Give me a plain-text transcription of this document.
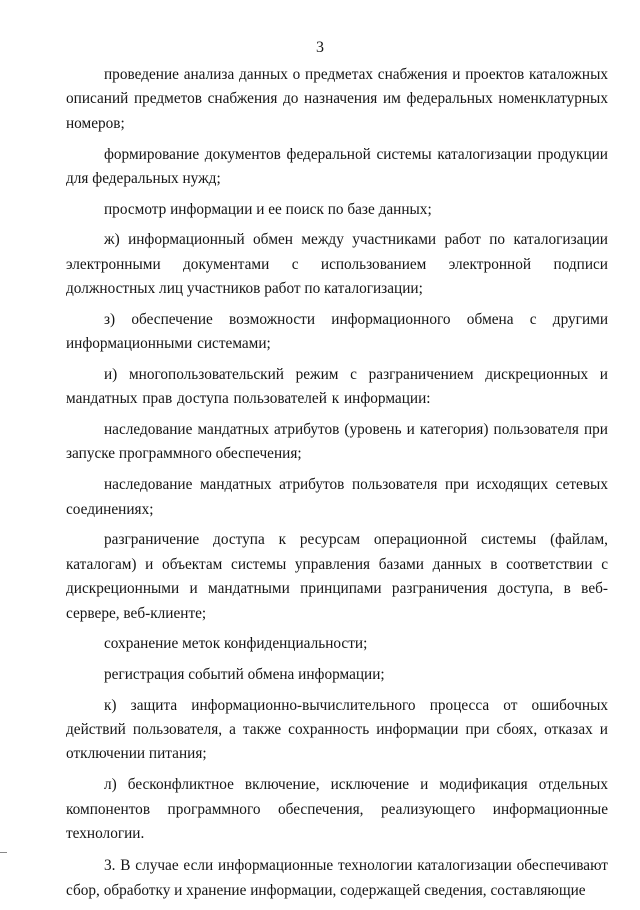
3

проведение анализа данных о предметах снабжения и проектов каталожных описаний предметов снабжения до назначения им федеральных номенклатурных номеров;

формирование документов федеральной системы каталогизации продукции для федеральных нужд;

просмотр информации и ее поиск по базе данных;

ж) информационный обмен между участниками работ по каталогизации электронными документами с использованием электронной подписи должностных лиц участников работ по каталогизации;

з) обеспечение возможности информационного обмена с другими информационными системами;

и) многопользовательский режим с разграничением дискреционных и мандатных прав доступа пользователей к информации:

наследование мандатных атрибутов (уровень и категория) пользователя при запуске программного обеспечения;

наследование мандатных атрибутов пользователя при исходящих сетевых соединениях;

разграничение доступа к ресурсам операционной системы (файлам, каталогам) и объектам системы управления базами данных в соответствии с дискреционными и мандатными принципами разграничения доступа, в веб-сервере, веб-клиенте;

сохранение меток конфиденциальности;

регистрация событий обмена информации;

к) защита информационно-вычислительного процесса от ошибочных действий пользователя, а также сохранность информации при сбоях, отказах и отключении питания;

л) бесконфликтное включение, исключение и модификация отдельных компонентов программного обеспечения, реализующего информационные технологии.

3. В случае если информационные технологии каталогизации обеспечивают сбор, обработку и хранение информации, содержащей сведения, составляющие
